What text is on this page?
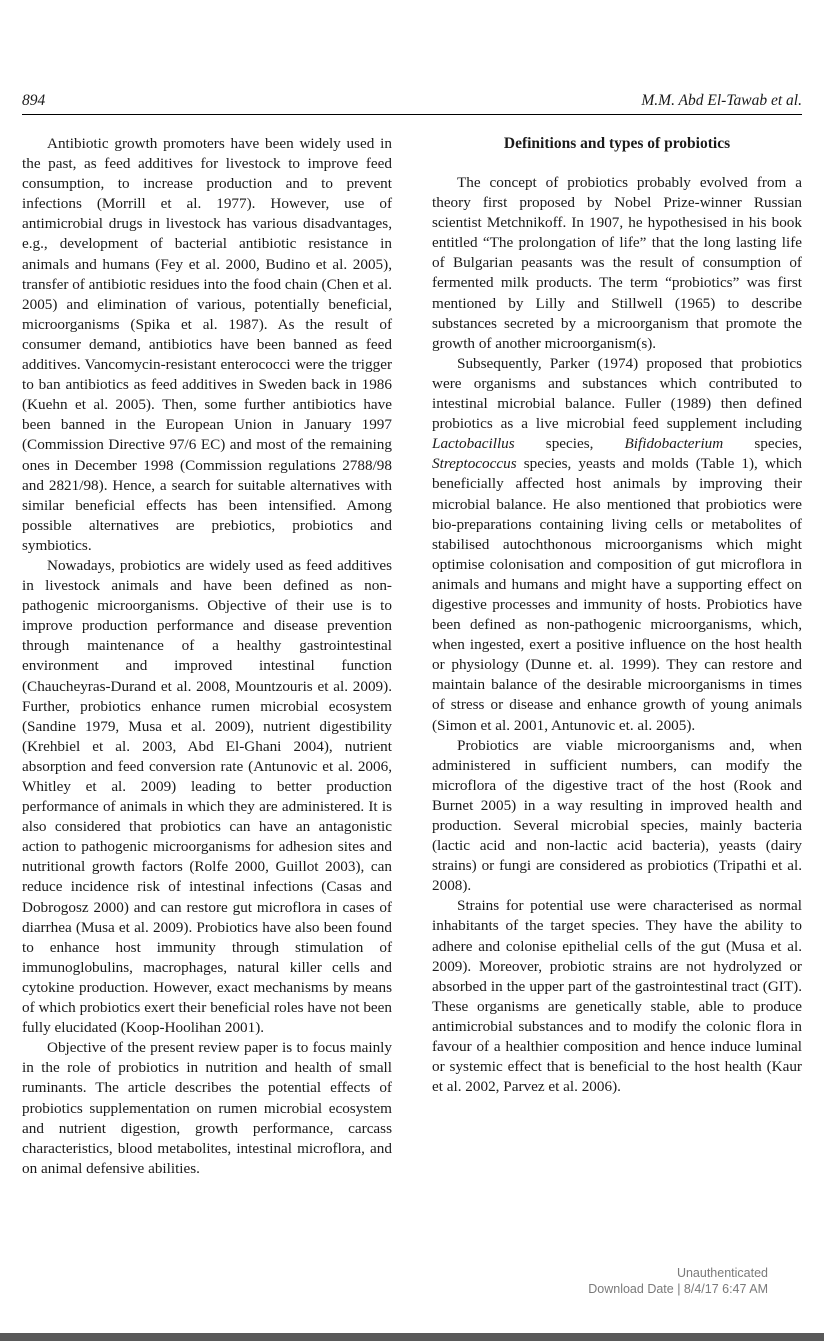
894	M.M. Abd El-Tawab et al.

Antibiotic growth promoters have been widely used in the past, as feed additives for livestock to improve feed consumption, to increase production and to prevent infections (Morrill et al. 1977). However, use of antimicrobial drugs in livestock has various disadvantages, e.g., development of bacterial antibiotic resistance in animals and humans (Fey et al. 2000, Budino et al. 2005), transfer of antibiotic residues into the food chain (Chen et al. 2005) and elimination of various, potentially beneficial, microorganisms (Spika et al. 1987). As the result of consumer demand, antibiotics have been banned as feed additives. Vancomycin-resistant enterococci were the trigger to ban antibiotics as feed additives in Sweden back in 1986 (Kuehn et al. 2005). Then, some further antibiotics have been banned in the European Union in January 1997 (Commission Directive 97/6 EC) and most of the remaining ones in December 1998 (Commission regulations 2788/98 and 2821/98). Hence, a search for suitable alternatives with similar beneficial effects has been intensified. Among possible alternatives are prebiotics, probiotics and symbiotics.

Nowadays, probiotics are widely used as feed additives in livestock animals and have been defined as non-pathogenic microorganisms. Objective of their use is to improve production performance and disease prevention through maintenance of a healthy gastrointestinal environment and improved intestinal function (Chaucheyras-Durand et al. 2008, Mountzouris et al. 2009). Further, probiotics enhance rumen microbial ecosystem (Sandine 1979, Musa et al. 2009), nutrient digestibility (Krehbiel et al. 2003, Abd El-Ghani 2004), nutrient absorption and feed conversion rate (Antunovic et al. 2006, Whitley et al. 2009) leading to better production performance of animals in which they are administered. It is also considered that probiotics can have an antagonistic action to pathogenic microorganisms for adhesion sites and nutritional growth factors (Rolfe 2000, Guillot 2003), can reduce incidence risk of intestinal infections (Casas and Dobrogosz 2000) and can restore gut microflora in cases of diarrhea (Musa et al. 2009). Probiotics have also been found to enhance host immunity through stimulation of immunoglobulins, macrophages, natural killer cells and cytokine production. However, exact mechanisms by means of which probiotics exert their beneficial roles have not been fully elucidated (Koop-Hoolihan 2001).

Objective of the present review paper is to focus mainly in the role of probiotics in nutrition and health of small ruminants. The article describes the potential effects of probiotics supplementation on rumen microbial ecosystem and nutrient digestion, growth performance, carcass characteristics, blood metabolites, intestinal microflora, and on animal defensive abilities.

Definitions and types of probiotics

The concept of probiotics probably evolved from a theory first proposed by Nobel Prize-winner Russian scientist Metchnikoff. In 1907, he hypothesised in his book entitled “The prolongation of life” that the long lasting life of Bulgarian peasants was the result of consumption of fermented milk products. The term “probiotics” was first mentioned by Lilly and Stillwell (1965) to describe substances secreted by a microorganism that promote the growth of another microorganism(s).

Subsequently, Parker (1974) proposed that probiotics were organisms and substances which contributed to intestinal microbial balance. Fuller (1989) then defined probiotics as a live microbial feed supplement including Lactobacillus species, Bifidobacterium species, Streptococcus species, yeasts and molds (Table 1), which beneficially affected host animals by improving their microbial balance. He also mentioned that probiotics were bio-preparations containing living cells or metabolites of stabilised autochthonous microorganisms which might optimise colonisation and composition of gut microflora in animals and humans and might have a supporting effect on digestive processes and immunity of hosts. Probiotics have been defined as non-pathogenic microorganisms, which, when ingested, exert a positive influence on the host health or physiology (Dunne et. al. 1999). They can restore and maintain balance of the desirable microorganisms in times of stress or disease and enhance growth of young animals (Simon et al. 2001, Antunovic et. al. 2005).

Probiotics are viable microorganisms and, when administered in sufficient numbers, can modify the microflora of the digestive tract of the host (Rook and Burnet 2005) in a way resulting in improved health and production. Several microbial species, mainly bacteria (lactic acid and non-lactic acid bacteria), yeasts (dairy strains) or fungi are considered as probiotics (Tripathi et al. 2008).

Strains for potential use were characterised as normal inhabitants of the target species. They have the ability to adhere and colonise epithelial cells of the gut (Musa et al. 2009). Moreover, probiotic strains are not hydrolyzed or absorbed in the upper part of the gastrointestinal tract (GIT). These organisms are genetically stable, able to produce antimicrobial substances and to modify the colonic flora in favour of a healthier composition and hence induce luminal or systemic effect that is beneficial to the host health (Kaur et al. 2002, Parvez et al. 2006).

Unauthenticated
Download Date | 8/4/17 6:47 AM
